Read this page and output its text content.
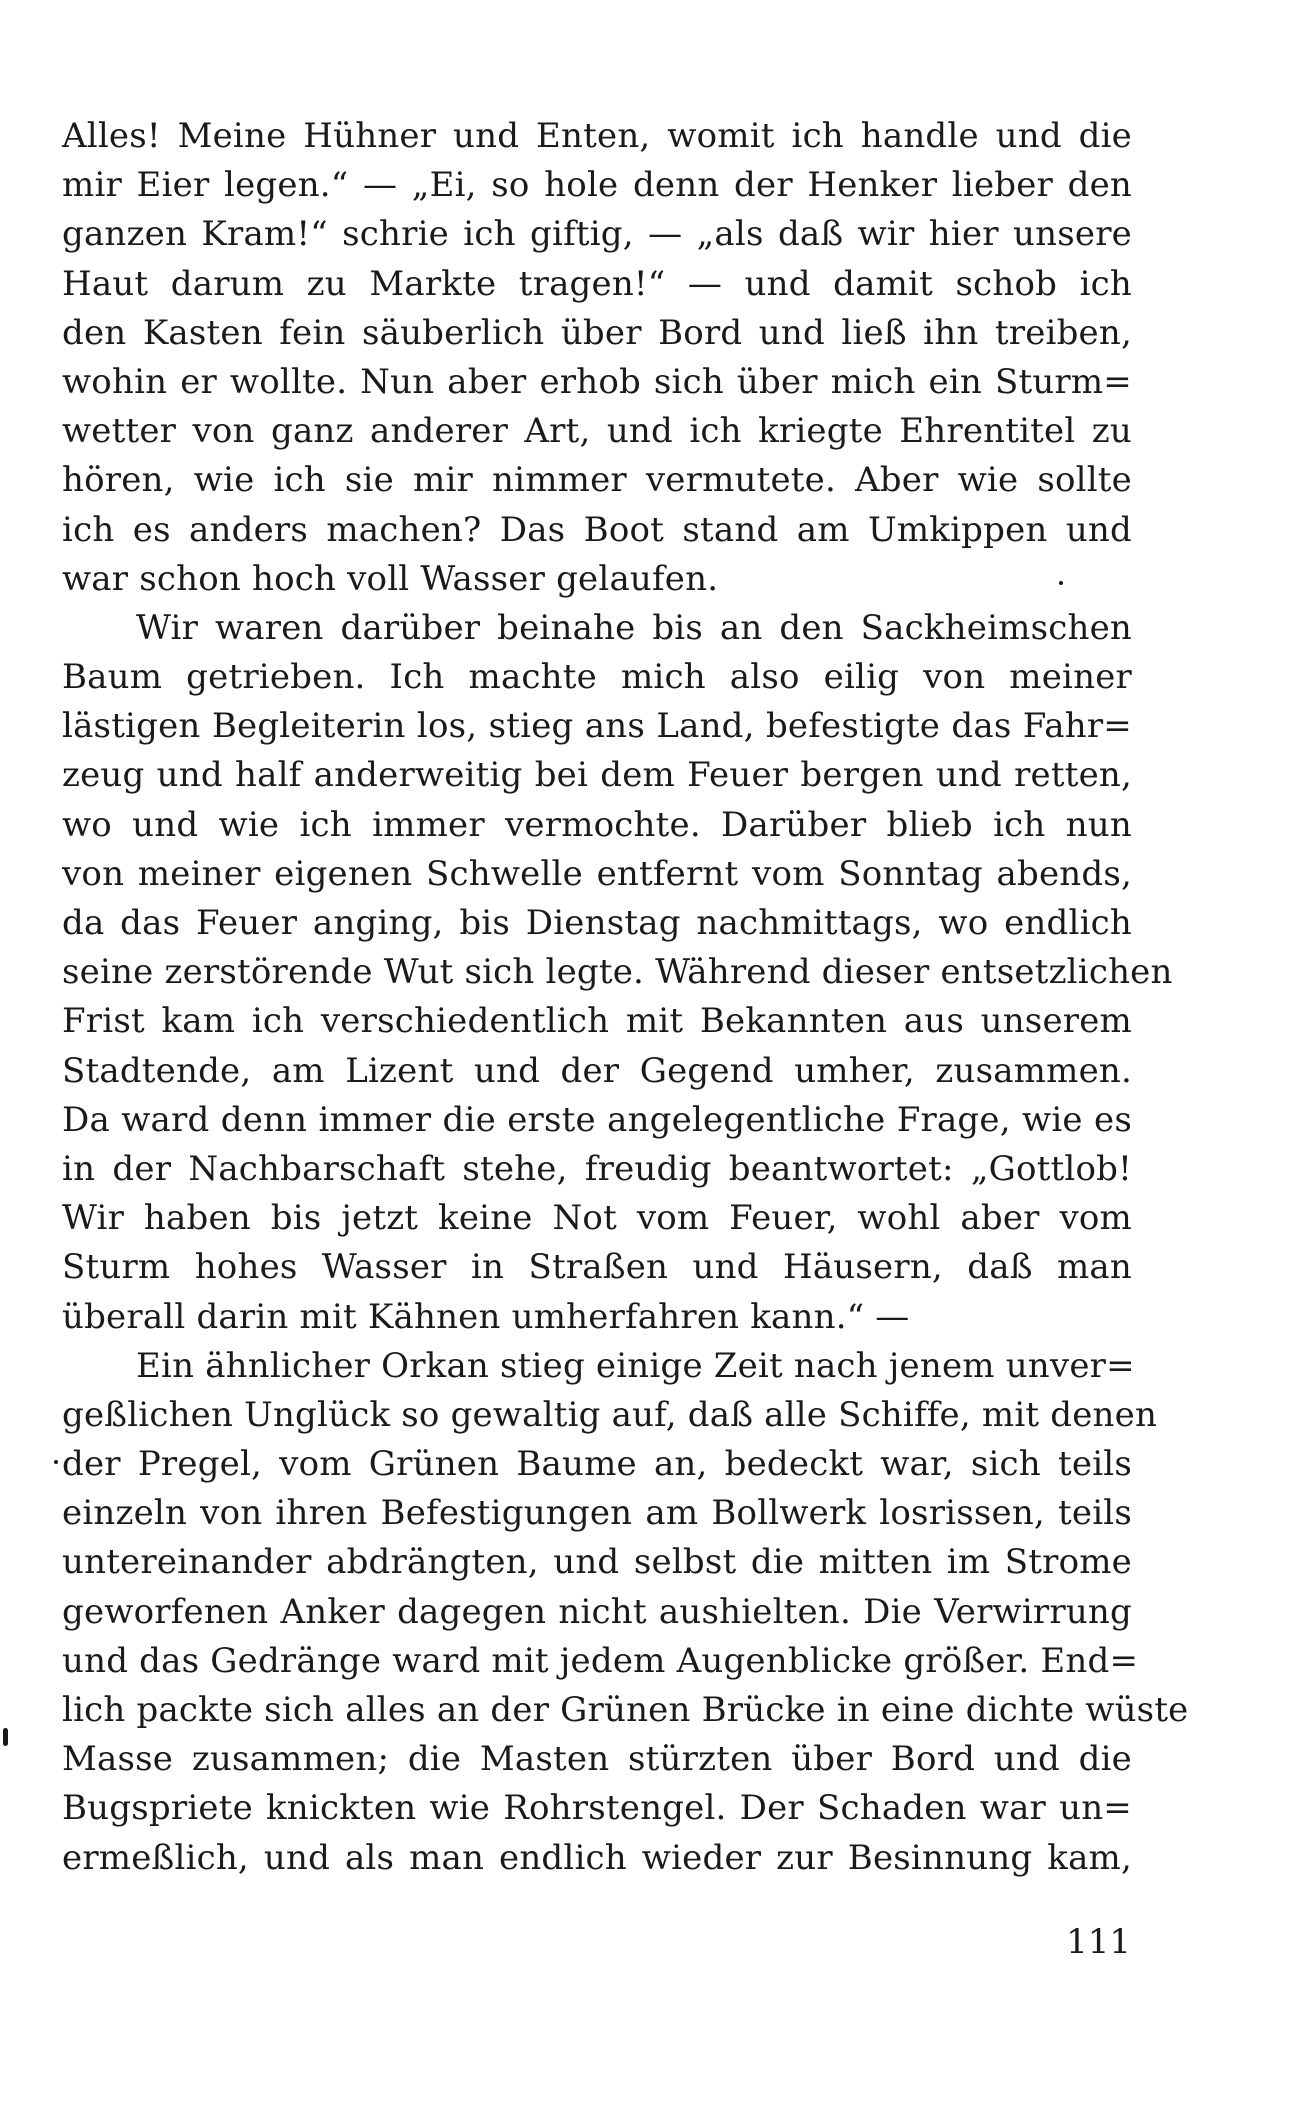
Alles! Meine Hühner und Enten, womit ich handle und die
mir Eier legen.“ — „Ei, so hole denn der Henker lieber den
ganzen Kram!“ schrie ich giftig, — „als daß wir hier unsere
Haut darum zu Markte tragen!“ — und damit schob ich
den Kasten fein säuberlich über Bord und ließ ihn treiben,
wohin er wollte. Nun aber erhob sich über mich ein Sturm=
wetter von ganz anderer Art, und ich kriegte Ehrentitel zu
hören, wie ich sie mir nimmer vermutete. Aber wie sollte
ich es anders machen? Das Boot stand am Umkippen und
war schon hoch voll Wasser gelaufen.
Wir waren darüber beinahe bis an den Sackheimschen
Baum getrieben. Ich machte mich also eilig von meiner
lästigen Begleiterin los, stieg ans Land, befestigte das Fahr=
zeug und half anderweitig bei dem Feuer bergen und retten,
wo und wie ich immer vermochte. Darüber blieb ich nun
von meiner eigenen Schwelle entfernt vom Sonntag abends,
da das Feuer anging, bis Dienstag nachmittags, wo endlich
seine zerstörende Wut sich legte. Während dieser entsetzlichen
Frist kam ich verschiedentlich mit Bekannten aus unserem
Stadtende, am Lizent und der Gegend umher, zusammen.
Da ward denn immer die erste angelegentliche Frage, wie es
in der Nachbarschaft stehe, freudig beantwortet: „Gottlob!
Wir haben bis jetzt keine Not vom Feuer, wohl aber vom
Sturm hohes Wasser in Straßen und Häusern, daß man
überall darin mit Kähnen umherfahren kann.“ —
Ein ähnlicher Orkan stieg einige Zeit nach jenem unver=
geßlichen Unglück so gewaltig auf, daß alle Schiffe, mit denen
der Pregel, vom Grünen Baume an, bedeckt war, sich teils
einzeln von ihren Befestigungen am Bollwerk losrissen, teils
untereinander abdrängten, und selbst die mitten im Strome
geworfenen Anker dagegen nicht aushielten. Die Verwirrung
und das Gedränge ward mit jedem Augenblicke größer. End=
lich packte sich alles an der Grünen Brücke in eine dichte wüste
Masse zusammen; die Masten stürzten über Bord und die
Bugspriete knickten wie Rohrstengel. Der Schaden war un=
ermeßlich, und als man endlich wieder zur Besinnung kam,
111
